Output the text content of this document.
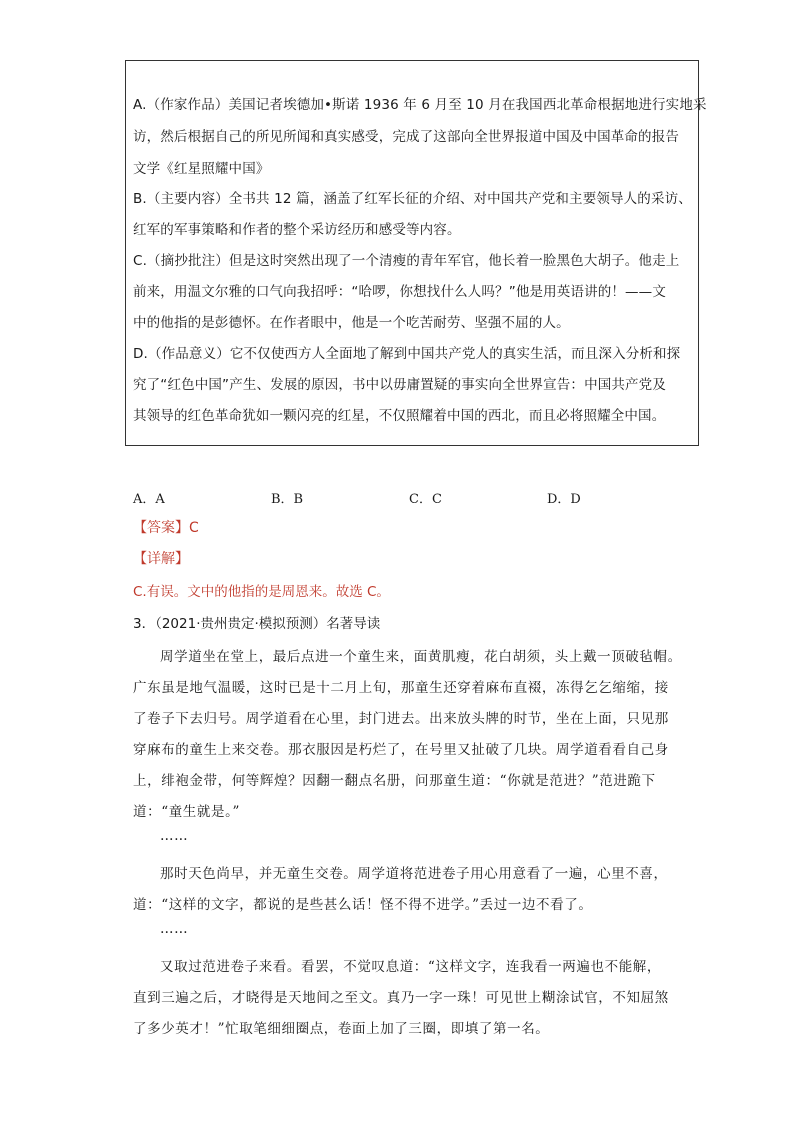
A.（作家作品）美国记者埃德加•斯诺 1936 年 6 月至 10 月在我国西北革命根据地进行实地采
访，然后根据自己的所见所闻和真实感受，完成了这部向全世界报道中国及中国革命的报告
文学《红星照耀中国》
B.（主要内容）全书共 12 篇，涵盖了红军长征的介绍、对中国共产党和主要领导人的采访、
红军的军事策略和作者的整个采访经历和感受等内容。
C.（摘抄批注）但是这时突然出现了一个清瘦的青年军官，他长着一脸黑色大胡子。他走上
前来，用温文尔雅的口气向我招呼：“哈啰，你想找什么人吗？”他是用英语讲的！——文
中的他指的是彭德怀。在作者眼中，他是一个吃苦耐劳、坚强不屈的人。
D.（作品意义）它不仅使西方人全面地了解到中国共产党人的真实生活，而且深入分析和探
究了“红色中国”产生、发展的原因，书中以毋庸置疑的事实向全世界宣告：中国共产党及
其领导的红色革命犹如一颗闪亮的红星，不仅照耀着中国的西北，而且必将照耀全中国。
A．A	B．B	C．C	D．D
【答案】C
【详解】
C.有误。文中的他指的是周恩来。故选 C。
3．（2021·贵州贵定·模拟预测）名著导读
周学道坐在堂上，最后点进一个童生来，面黄肌瘦，花白胡须，头上戴一顶破毡帽。
广东虽是地气温暖，这时已是十二月上旬，那童生还穿着麻布直裰，冻得乞乞缩缩，接
了卷子下去归号。周学道看在心里，封门进去。出来放头牌的时节，坐在上面，只见那
穿麻布的童生上来交卷。那衣服因是朽烂了，在号里又扯破了几块。周学道看看自己身
上，绯袍金带，何等辉煌？因翻一翻点名册，问那童生道：“你就是范进？”范进跪下
道：“童生就是。”
……
那时天色尚早，并无童生交卷。周学道将范进卷子用心用意看了一遍，心里不喜，
道：“这样的文字，都说的是些甚么话！怪不得不进学。”丢过一边不看了。
……
又取过范进卷子来看。看罢，不觉叹息道：“这样文字，连我看一两遍也不能解，
直到三遍之后，才晓得是天地间之至文。真乃一字一珠！可见世上糊涂试官，不知屈煞
了多少英才！”忙取笔细细圈点，卷面上加了三圈，即填了第一名。
